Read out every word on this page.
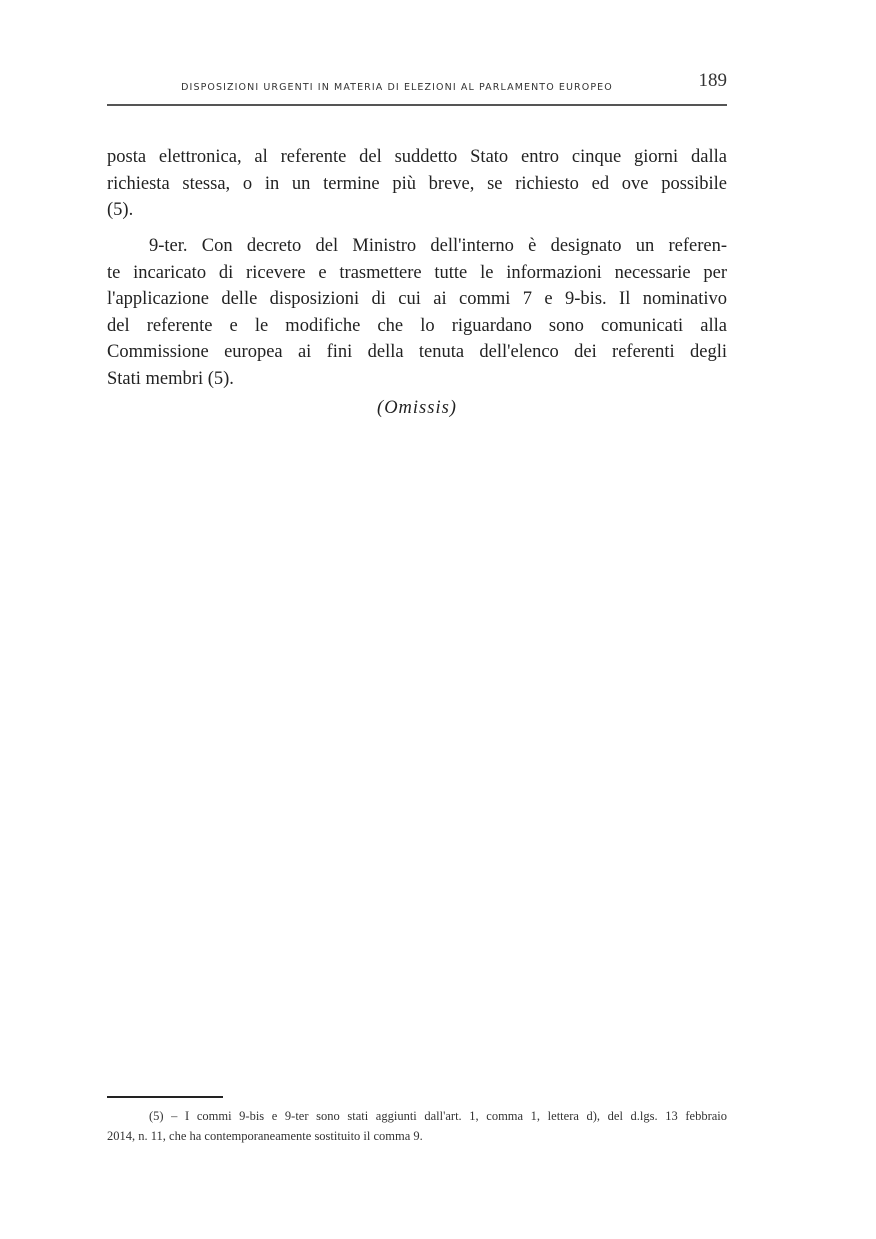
DISPOSIZIONI URGENTI IN MATERIA DI ELEZIONI AL PARLAMENTO EUROPEO	189
posta elettronica, al referente del suddetto Stato entro cinque giorni dalla
richiesta stessa, o in un termine più breve, se richiesto ed ove possibile
(5).
9-ter. Con decreto del Ministro dell'interno è designato un referen-
te incaricato di ricevere e trasmettere tutte le informazioni necessarie per
l'applicazione delle disposizioni di cui ai commi 7 e 9-bis. Il nominativo
del referente e le modifiche che lo riguardano sono comunicati alla
Commissione europea ai fini della tenuta dell'elenco dei referenti degli
Stati membri (5).
(Omissis)
(5) – I commi 9-bis e 9-ter sono stati aggiunti dall'art. 1, comma 1, lettera d), del d.lgs. 13 febbraio
2014, n. 11, che ha contemporaneamente sostituito il comma 9.
